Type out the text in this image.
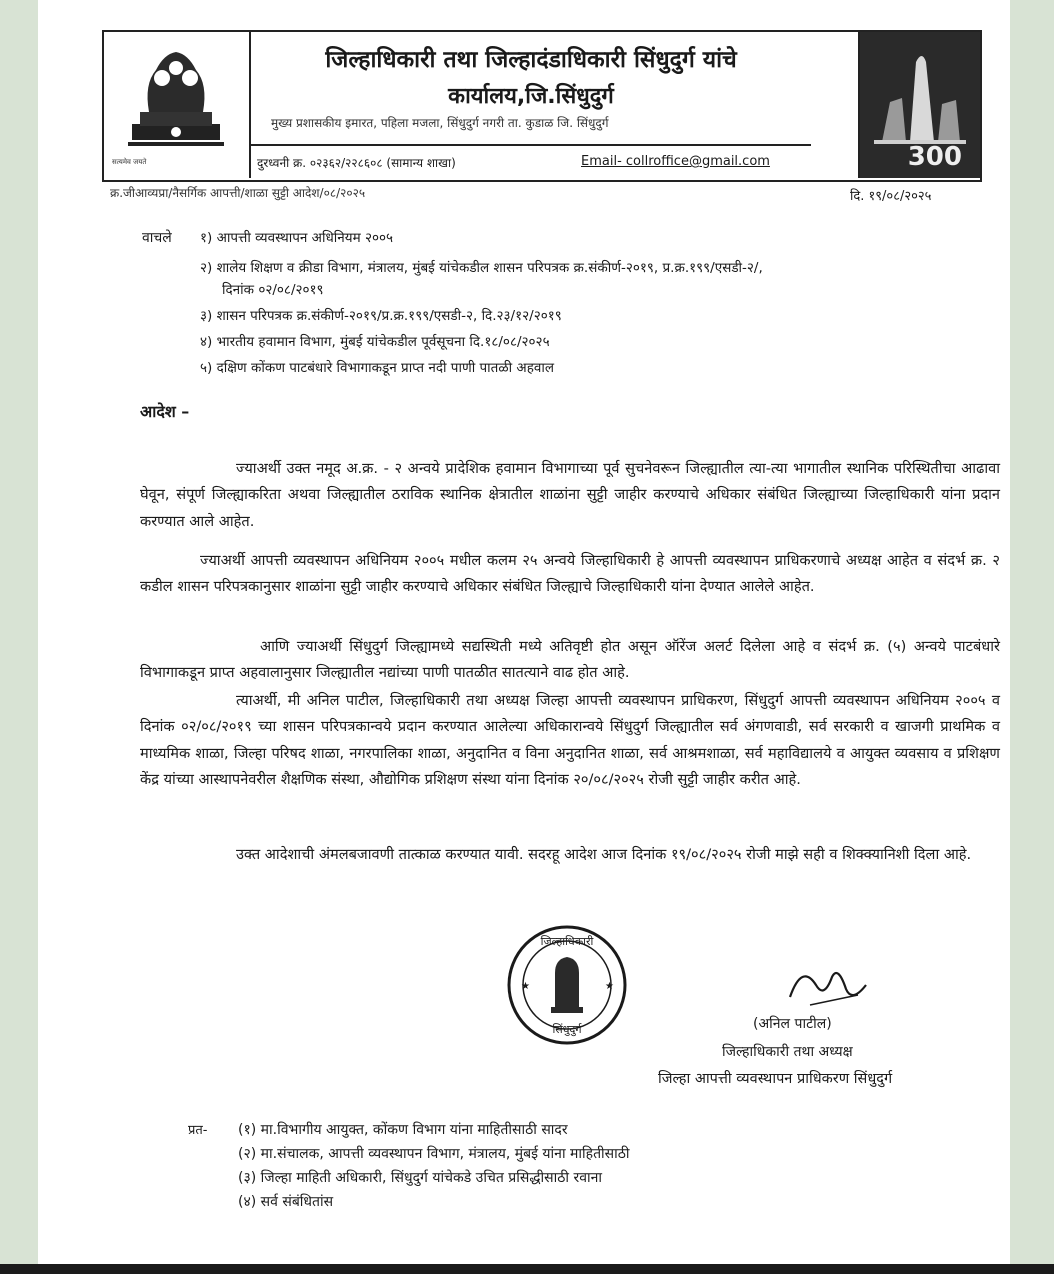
सत्यमेव जयते
जिल्हाधिकारी तथा जिल्हादंडाधिकारी सिंधुदुर्ग यांचे
कार्यालय,जि.सिंधुदुर्ग
मुख्य प्रशासकीय इमारत, पहिला मजला, सिंधुदुर्ग नगरी ता. कुडाळ जि. सिंधुदुर्ग
दुरध्वनी क्र. ०२३६२/२२८६०८ (सामान्य शाखा)	Email- collroffice@gmail.com	300
क्र.जीआव्यप्रा/नैसर्गिक आपत्ती/शाळा सुट्टी आदेश/०८/२०२५	दि. १९/०८/२०२५
वाचले १) आपत्ती व्यवस्थापन अधिनियम २००५
२) शालेय शिक्षण व क्रीडा विभाग, मंत्रालय, मुंबई यांचेकडील शासन परिपत्रक क्र.संकीर्ण-२०१९, प्र.क्र.१९९/एसडी-२/,
दिनांक ०२/०८/२०१९
३) शासन परिपत्रक क्र.संकीर्ण-२०१९/प्र.क्र.१९९/एसडी-२, दि.२३/१२/२०१९
४) भारतीय हवामान विभाग, मुंबई यांचेकडील पूर्वसूचना दि.१८/०८/२०२५
५) दक्षिण कोंकण पाटबंधारे विभागाकडून प्राप्त नदी पाणी पातळी अहवाल
आदेश –
ज्याअर्थी उक्त नमूद अ.क्र. - २ अन्वये प्रादेशिक हवामान विभागाच्या पूर्व सुचनेवरून जिल्ह्यातील त्या-त्या भागातील स्थानिक परिस्थितीचा आढावा घेवून, संपूर्ण जिल्ह्याकरिता अथवा जिल्ह्यातील ठराविक स्थानिक क्षेत्रातील शाळांना सुट्टी जाहीर करण्याचे अधिकार संबंधित जिल्ह्याच्या जिल्हाधिकारी यांना प्रदान करण्यात आले आहेत.
ज्याअर्थी आपत्ती व्यवस्थापन अधिनियम २००५ मधील कलम २५ अन्वये जिल्हाधिकारी हे आपत्ती व्यवस्थापन प्राधिकरणाचे अध्यक्ष आहेत व संदर्भ क्र. २ कडील शासन परिपत्रकानुसार शाळांना सुट्टी जाहीर करण्याचे अधिकार संबंधित जिल्ह्याचे जिल्हाधिकारी यांना देण्यात आलेले आहेत.
आणि ज्याअर्थी सिंधुदुर्ग जिल्ह्यामध्ये सद्यस्थिती मध्ये अतिवृष्टी होत असून ऑरेंज अलर्ट दिलेला आहे व संदर्भ क्र. (५) अन्वये पाटबंधारे विभागाकडून प्राप्त अहवालानुसार जिल्ह्यातील नद्यांच्या पाणी पातळीत सातत्याने वाढ होत आहे.
त्याअर्थी, मी अनिल पाटील, जिल्हाधिकारी तथा अध्यक्ष जिल्हा आपत्ती व्यवस्थापन प्राधिकरण, सिंधुदुर्ग आपत्ती व्यवस्थापन अधिनियम २००५ व दिनांक ०२/०८/२०१९ च्या शासन परिपत्रकान्वये प्रदान करण्यात आलेल्या अधिकारान्वये सिंधुदुर्ग जिल्ह्यातील सर्व अंगणवाडी, सर्व सरकारी व खाजगी प्राथमिक व माध्यमिक शाळा, जिल्हा परिषद शाळा, नगरपालिका शाळा, अनुदानित व विना अनुदानित शाळा, सर्व आश्रमशाळा, सर्व महाविद्यालये व आयुक्त व्यवसाय व प्रशिक्षण केंद्र यांच्या आस्थापनेवरील शैक्षणिक संस्था, औद्योगिक प्रशिक्षण संस्था यांना दिनांक २०/०८/२०२५ रोजी सुट्टी जाहीर करीत आहे.
उक्त आदेशाची अंमलबजावणी तात्काळ करण्यात यावी. सदरहू आदेश आज दिनांक १९/०८/२०२५ रोजी माझे सही व शिक्क्यानिशी दिला आहे.
जिल्हाधिकारी
सिंधुदुर्ग
★	★
(अनिल पाटील)
जिल्हाधिकारी तथा अध्यक्ष
जिल्हा आपत्ती व्यवस्थापन प्राधिकरण सिंधुदुर्ग
प्रत- (१) मा.विभागीय आयुक्त, कोंकण विभाग यांना माहितीसाठी सादर
(२) मा.संचालक, आपत्ती व्यवस्थापन विभाग, मंत्रालय, मुंबई यांना माहितीसाठी
(३) जिल्हा माहिती अधिकारी, सिंधुदुर्ग यांचेकडे उचित प्रसिद्धीसाठी रवाना
(४) सर्व संबंधितांस
